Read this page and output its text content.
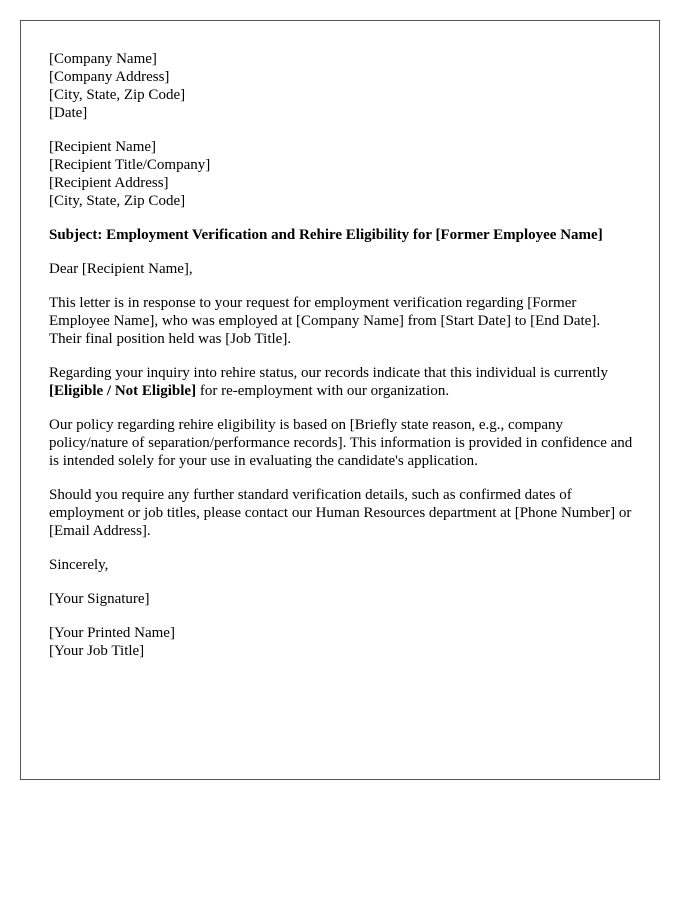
[Company Name]
[Company Address]
[City, State, Zip Code]
[Date]
[Recipient Name]
[Recipient Title/Company]
[Recipient Address]
[City, State, Zip Code]

Subject: Employment Verification and Rehire Eligibility for [Former Employee Name]

Dear [Recipient Name],

This letter is in response to your request for employment verification regarding [Former Employee Name], who was employed at [Company Name] from [Start Date] to [End Date]. Their final position held was [Job Title].

Regarding your inquiry into rehire status, our records indicate that this individual is currently [Eligible / Not Eligible] for re-employment with our organization.

Our policy regarding rehire eligibility is based on [Briefly state reason, e.g., company policy/nature of separation/performance records]. This information is provided in confidence and is intended solely for your use in evaluating the candidate's application.

Should you require any further standard verification details, such as confirmed dates of employment or job titles, please contact our Human Resources department at [Phone Number] or [Email Address].

Sincerely,

[Your Signature]

[Your Printed Name]
[Your Job Title]
